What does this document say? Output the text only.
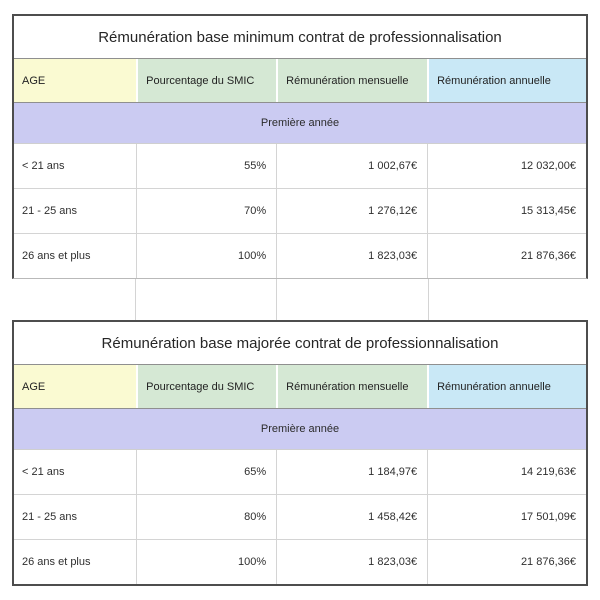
Rémunération base minimum contrat de professionnalisation
AGE	Pourcentage du SMIC	Rémunération mensuelle	Rémunération annuelle
Première année
< 21 ans	55%	1 002,67€	12 032,00€
21 - 25 ans	70%	1 276,12€	15 313,45€
26 ans et plus	100%	1 823,03€	21 876,36€
Rémunération base majorée contrat de professionnalisation
AGE	Pourcentage du SMIC	Rémunération mensuelle	Rémunération annuelle
Première année
< 21 ans	65%	1 184,97€	14 219,63€
21 - 25 ans	80%	1 458,42€	17 501,09€
26 ans et plus	100%	1 823,03€	21 876,36€
